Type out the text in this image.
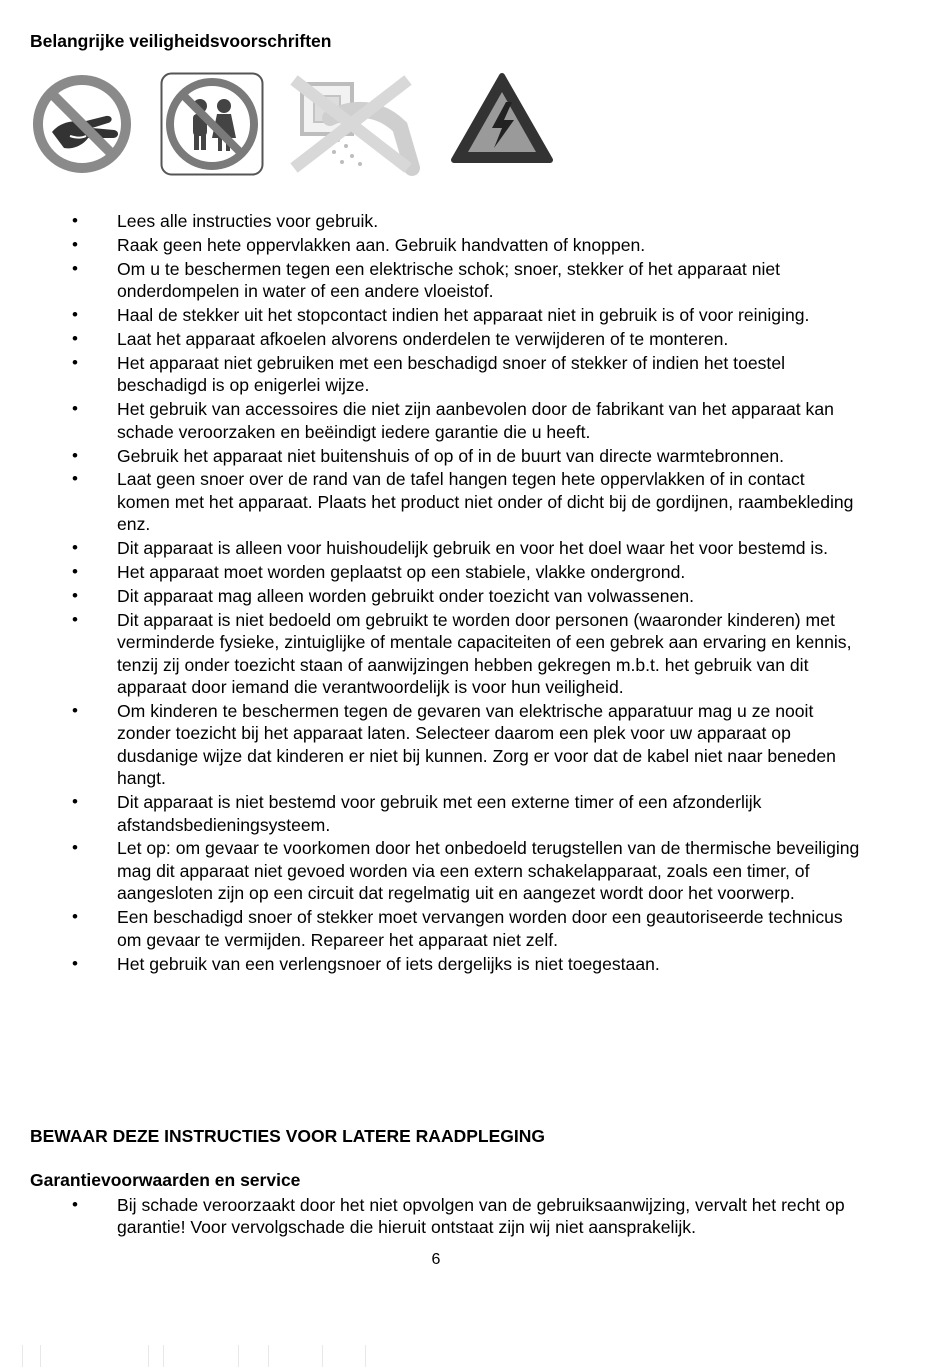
Belangrijke veiligheidsvoorschriften
• Lees alle instructies voor gebruik.
• Raak geen hete oppervlakken aan. Gebruik handvatten of knoppen.
• Om u te beschermen tegen een elektrische schok; snoer, stekker of het apparaat niet onderdompelen in water of een andere vloeistof.
• Haal de stekker uit het stopcontact indien het apparaat niet in gebruik is of voor reiniging.
• Laat het apparaat afkoelen alvorens onderdelen te verwijderen of te monteren.
• Het apparaat niet gebruiken met een beschadigd snoer of stekker of indien het toestel beschadigd is op enigerlei wijze.
• Het gebruik van accessoires die niet zijn aanbevolen door de fabrikant van het apparaat kan schade veroorzaken en beëindigt iedere garantie die u heeft.
• Gebruik het apparaat niet buitenshuis of op of in de buurt van directe warmtebronnen.
• Laat geen snoer over de rand van de tafel hangen tegen hete oppervlakken of in contact komen met het apparaat. Plaats het product niet onder of dicht bij de gordijnen, raambekleding enz.
• Dit apparaat is alleen voor huishoudelijk gebruik en voor het doel waar het voor bestemd is.
• Het apparaat moet worden geplaatst op een stabiele, vlakke ondergrond.
• Dit apparaat mag alleen worden gebruikt onder toezicht van volwassenen.
• Dit apparaat is niet bedoeld om gebruikt te worden door personen (waaronder kinderen) met verminderde fysieke, zintuiglijke of mentale capaciteiten of een gebrek aan ervaring en kennis, tenzij zij onder toezicht staan of aanwijzingen hebben gekregen m.b.t. het gebruik van dit apparaat door iemand die verantwoordelijk is voor hun veiligheid.
• Om kinderen te beschermen tegen de gevaren van elektrische apparatuur mag u ze nooit zonder toezicht bij het apparaat laten. Selecteer daarom een plek voor uw apparaat op dusdanige wijze dat kinderen er niet bij kunnen. Zorg er voor dat de kabel niet naar beneden hangt.
• Dit apparaat is niet bestemd voor gebruik met een externe timer of een afzonderlijk afstandsbedieningsysteem.
• Let op: om gevaar te voorkomen door het onbedoeld terugstellen van de thermische beveiliging mag dit apparaat niet gevoed worden via een extern schakelapparaat, zoals een timer, of aangesloten zijn op een circuit dat regelmatig uit en aangezet wordt door het voorwerp.
• Een beschadigd snoer of stekker moet vervangen worden door een geautoriseerde technicus om gevaar te vermijden. Repareer het apparaat niet zelf.
• Het gebruik van een verlengsnoer of iets dergelijks is niet toegestaan.
BEWAAR DEZE INSTRUCTIES VOOR LATERE RAADPLEGING
Garantievoorwaarden en service
• Bij schade veroorzaakt door het niet opvolgen van de gebruiksaanwijzing, vervalt het recht op garantie! Voor vervolgschade die hieruit ontstaat zijn wij niet aansprakelijk.
6
